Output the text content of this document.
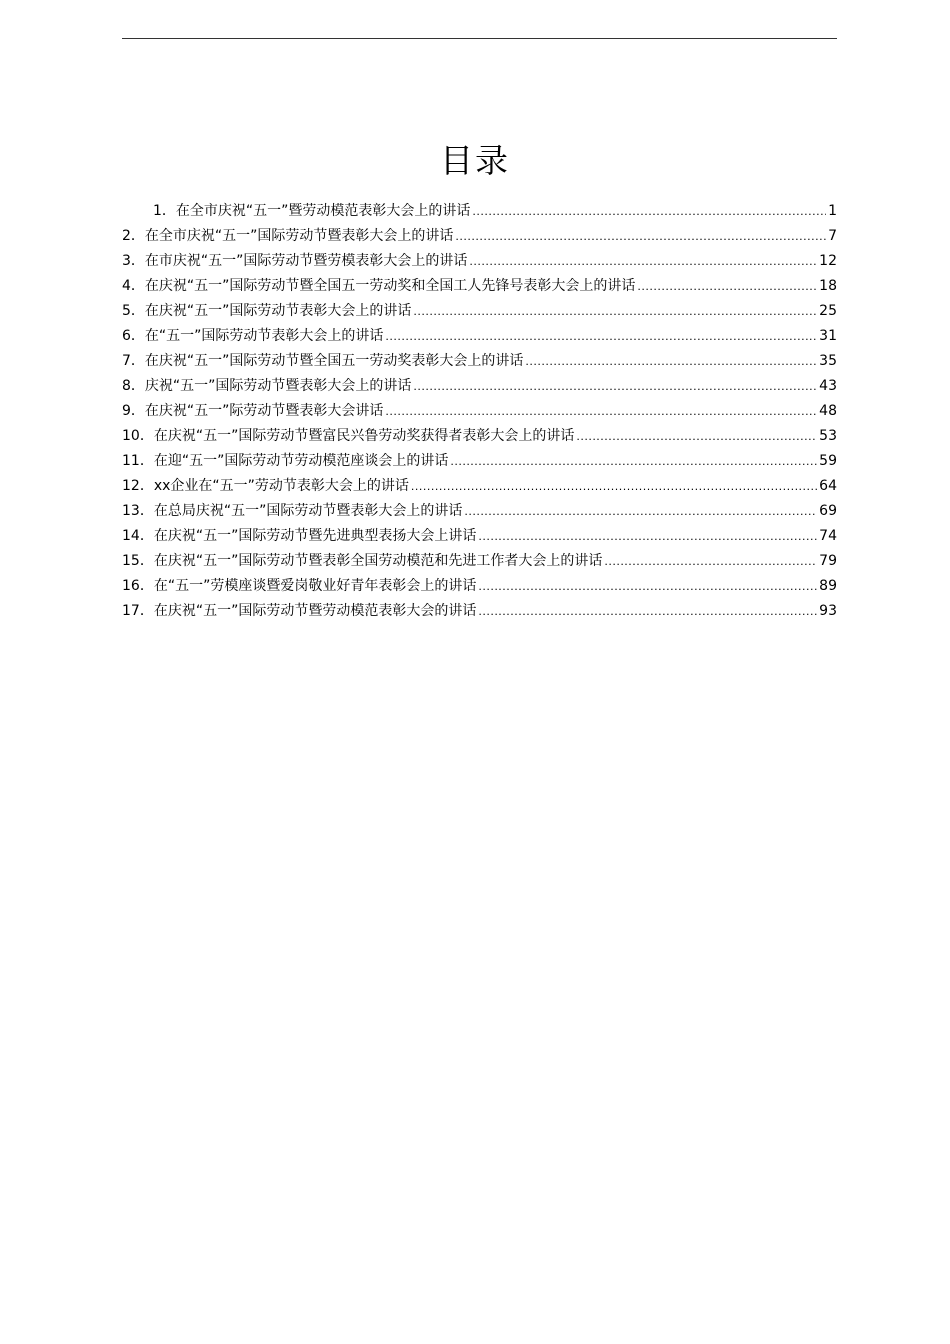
目录
1．在全市庆祝“五一”暨劳动模范表彰大会上的讲话 .....	1
2．在全市庆祝“五一”国际劳动节暨表彰大会上的讲话 .....	7
3．在市庆祝“五一”国际劳动节暨劳模表彰大会上的讲话 .....	12
4．在庆祝“五一”国际劳动节暨全国五一劳动奖和全国工人先锋号表彰大会上的讲话 .....	18
5．在庆祝“五一”国际劳动节表彰大会上的讲话 .....	25
6．在“五一”国际劳动节表彰大会上的讲话 .....	31
7．在庆祝“五一”国际劳动节暨全国五一劳动奖表彰大会上的讲话 .....	35
8．庆祝“五一”国际劳动节暨表彰大会上的讲话 .....	43
9．在庆祝“五一”际劳动节暨表彰大会讲话 .....	48
10．在庆祝“五一”国际劳动节暨富民兴鲁劳动奖获得者表彰大会上的讲话 .....	53
11．在迎“五一”国际劳动节劳动模范座谈会上的讲话 .....	59
12．xx企业在“五一”劳动节表彰大会上的讲话 .....	64
13．在总局庆祝“五一”国际劳动节暨表彰大会上的讲话 .....	69
14．在庆祝“五一”国际劳动节暨先进典型表扬大会上讲话 .....	74
15．在庆祝“五一”国际劳动节暨表彰全国劳动模范和先进工作者大会上的讲话 .....	79
16．在“五一”劳模座谈暨爱岗敬业好青年表彰会上的讲话 .....	89
17．在庆祝“五一”国际劳动节暨劳动模范表彰大会的讲话 .....	93
